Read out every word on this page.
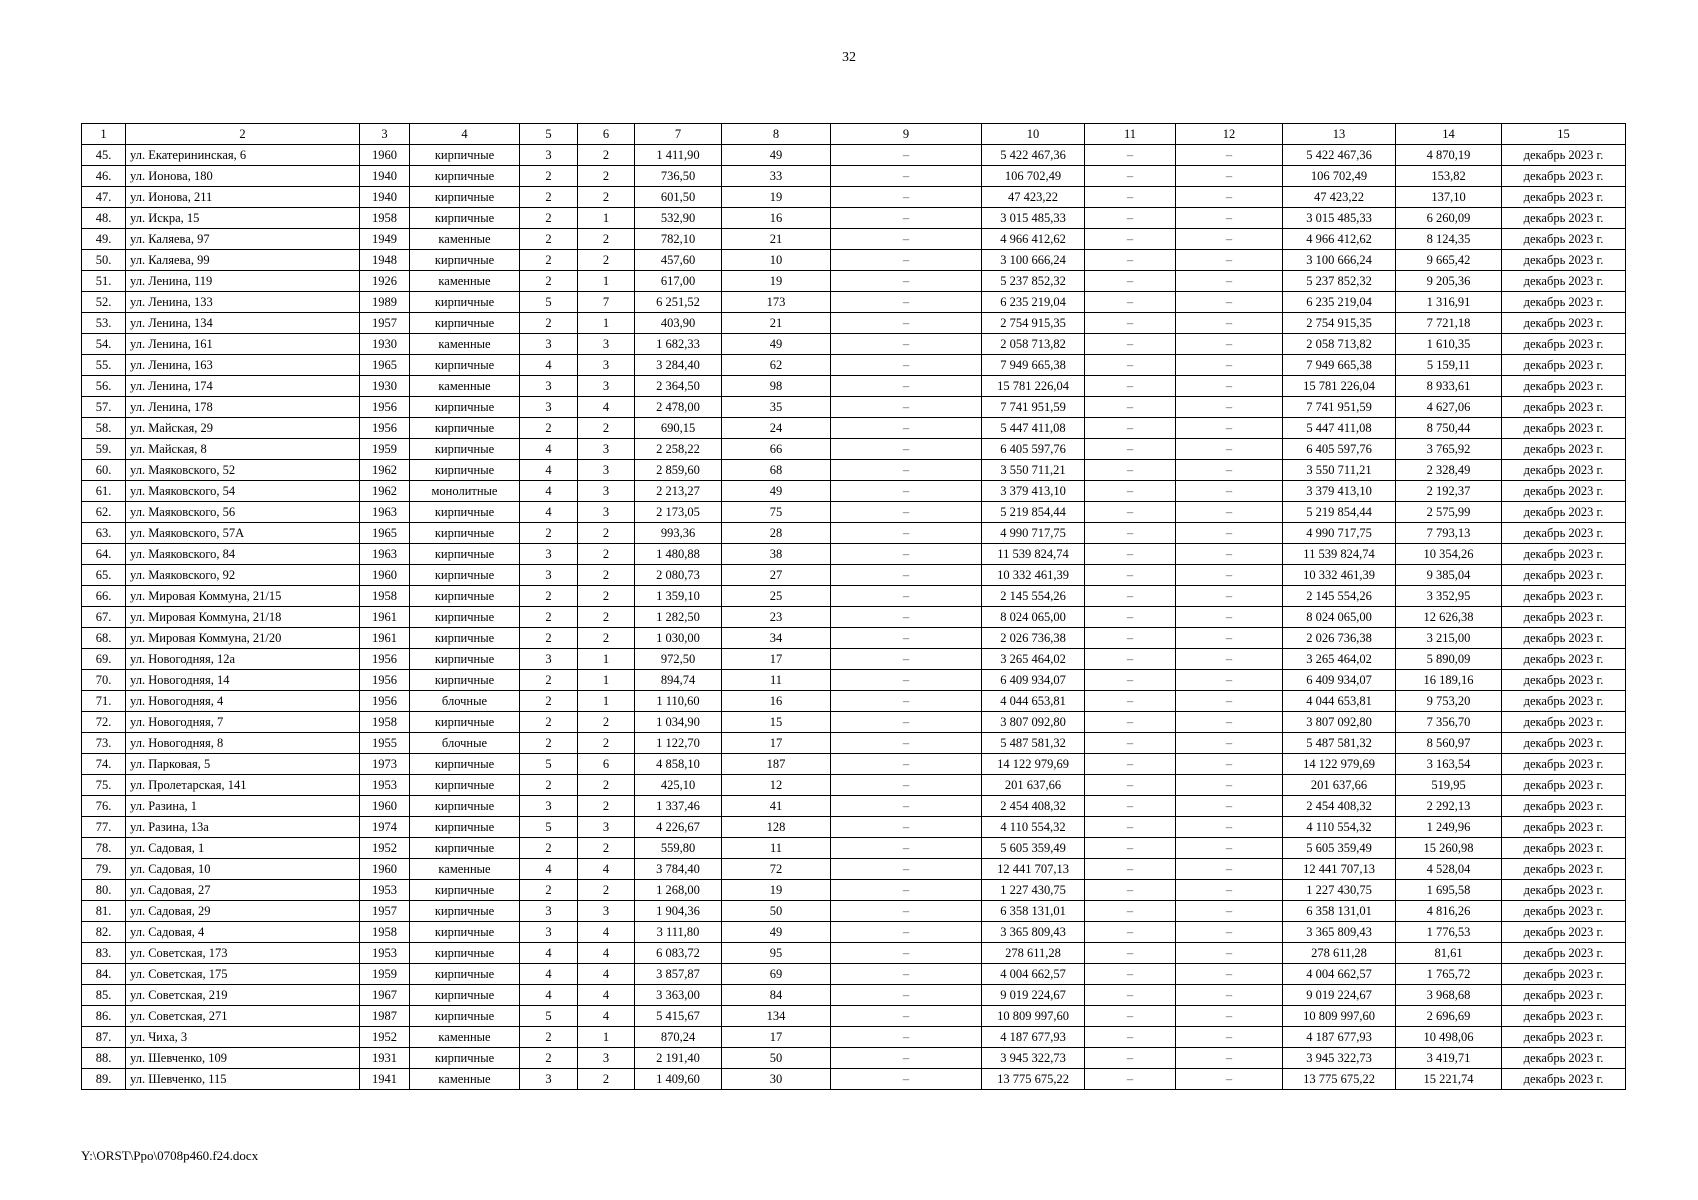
32
1	2	3	4	5	6	7	8	9	10	11	12	13	14	15
45.	ул. Екатерининская, 6	1960	кирпичные	3	2	1 411,90	49	–	5 422 467,36	–	–	5 422 467,36	4 870,19	декабрь 2023 г.
46.	ул. Ионова, 180	1940	кирпичные	2	2	736,50	33	–	106 702,49	–	–	106 702,49	153,82	декабрь 2023 г.
47.	ул. Ионова, 211	1940	кирпичные	2	2	601,50	19	–	47 423,22	–	–	47 423,22	137,10	декабрь 2023 г.
48.	ул. Искра, 15	1958	кирпичные	2	1	532,90	16	–	3 015 485,33	–	–	3 015 485,33	6 260,09	декабрь 2023 г.
49.	ул. Каляева, 97	1949	каменные	2	2	782,10	21	–	4 966 412,62	–	–	4 966 412,62	8 124,35	декабрь 2023 г.
50.	ул. Каляева, 99	1948	кирпичные	2	2	457,60	10	–	3 100 666,24	–	–	3 100 666,24	9 665,42	декабрь 2023 г.
51.	ул. Ленина, 119	1926	каменные	2	1	617,00	19	–	5 237 852,32	–	–	5 237 852,32	9 205,36	декабрь 2023 г.
52.	ул. Ленина, 133	1989	кирпичные	5	7	6 251,52	173	–	6 235 219,04	–	–	6 235 219,04	1 316,91	декабрь 2023 г.
53.	ул. Ленина, 134	1957	кирпичные	2	1	403,90	21	–	2 754 915,35	–	–	2 754 915,35	7 721,18	декабрь 2023 г.
54.	ул. Ленина, 161	1930	каменные	3	3	1 682,33	49	–	2 058 713,82	–	–	2 058 713,82	1 610,35	декабрь 2023 г.
55.	ул. Ленина, 163	1965	кирпичные	4	3	3 284,40	62	–	7 949 665,38	–	–	7 949 665,38	5 159,11	декабрь 2023 г.
56.	ул. Ленина, 174	1930	каменные	3	3	2 364,50	98	–	15 781 226,04	–	–	15 781 226,04	8 933,61	декабрь 2023 г.
57.	ул. Ленина, 178	1956	кирпичные	3	4	2 478,00	35	–	7 741 951,59	–	–	7 741 951,59	4 627,06	декабрь 2023 г.
58.	ул. Майская, 29	1956	кирпичные	2	2	690,15	24	–	5 447 411,08	–	–	5 447 411,08	8 750,44	декабрь 2023 г.
59.	ул. Майская, 8	1959	кирпичные	4	3	2 258,22	66	–	6 405 597,76	–	–	6 405 597,76	3 765,92	декабрь 2023 г.
60.	ул. Маяковского, 52	1962	кирпичные	4	3	2 859,60	68	–	3 550 711,21	–	–	3 550 711,21	2 328,49	декабрь 2023 г.
61.	ул. Маяковского, 54	1962	монолитные	4	3	2 213,27	49	–	3 379 413,10	–	–	3 379 413,10	2 192,37	декабрь 2023 г.
62.	ул. Маяковского, 56	1963	кирпичные	4	3	2 173,05	75	–	5 219 854,44	–	–	5 219 854,44	2 575,99	декабрь 2023 г.
63.	ул. Маяковского, 57А	1965	кирпичные	2	2	993,36	28	–	4 990 717,75	–	–	4 990 717,75	7 793,13	декабрь 2023 г.
64.	ул. Маяковского, 84	1963	кирпичные	3	2	1 480,88	38	–	11 539 824,74	–	–	11 539 824,74	10 354,26	декабрь 2023 г.
65.	ул. Маяковского, 92	1960	кирпичные	3	2	2 080,73	27	–	10 332 461,39	–	–	10 332 461,39	9 385,04	декабрь 2023 г.
66.	ул. Мировая Коммуна, 21/15	1958	кирпичные	2	2	1 359,10	25	–	2 145 554,26	–	–	2 145 554,26	3 352,95	декабрь 2023 г.
67.	ул. Мировая Коммуна, 21/18	1961	кирпичные	2	2	1 282,50	23	–	8 024 065,00	–	–	8 024 065,00	12 626,38	декабрь 2023 г.
68.	ул. Мировая Коммуна, 21/20	1961	кирпичные	2	2	1 030,00	34	–	2 026 736,38	–	–	2 026 736,38	3 215,00	декабрь 2023 г.
69.	ул. Новогодняя, 12а	1956	кирпичные	3	1	972,50	17	–	3 265 464,02	–	–	3 265 464,02	5 890,09	декабрь 2023 г.
70.	ул. Новогодняя, 14	1956	кирпичные	2	1	894,74	11	–	6 409 934,07	–	–	6 409 934,07	16 189,16	декабрь 2023 г.
71.	ул. Новогодняя, 4	1956	блочные	2	1	1 110,60	16	–	4 044 653,81	–	–	4 044 653,81	9 753,20	декабрь 2023 г.
72.	ул. Новогодняя, 7	1958	кирпичные	2	2	1 034,90	15	–	3 807 092,80	–	–	3 807 092,80	7 356,70	декабрь 2023 г.
73.	ул. Новогодняя, 8	1955	блочные	2	2	1 122,70	17	–	5 487 581,32	–	–	5 487 581,32	8 560,97	декабрь 2023 г.
74.	ул. Парковая, 5	1973	кирпичные	5	6	4 858,10	187	–	14 122 979,69	–	–	14 122 979,69	3 163,54	декабрь 2023 г.
75.	ул. Пролетарская, 141	1953	кирпичные	2	2	425,10	12	–	201 637,66	–	–	201 637,66	519,95	декабрь 2023 г.
76.	ул. Разина, 1	1960	кирпичные	3	2	1 337,46	41	–	2 454 408,32	–	–	2 454 408,32	2 292,13	декабрь 2023 г.
77.	ул. Разина, 13а	1974	кирпичные	5	3	4 226,67	128	–	4 110 554,32	–	–	4 110 554,32	1 249,96	декабрь 2023 г.
78.	ул. Садовая, 1	1952	кирпичные	2	2	559,80	11	–	5 605 359,49	–	–	5 605 359,49	15 260,98	декабрь 2023 г.
79.	ул. Садовая, 10	1960	каменные	4	4	3 784,40	72	–	12 441 707,13	–	–	12 441 707,13	4 528,04	декабрь 2023 г.
80.	ул. Садовая, 27	1953	кирпичные	2	2	1 268,00	19	–	1 227 430,75	–	–	1 227 430,75	1 695,58	декабрь 2023 г.
81.	ул. Садовая, 29	1957	кирпичные	3	3	1 904,36	50	–	6 358 131,01	–	–	6 358 131,01	4 816,26	декабрь 2023 г.
82.	ул. Садовая, 4	1958	кирпичные	3	4	3 111,80	49	–	3 365 809,43	–	–	3 365 809,43	1 776,53	декабрь 2023 г.
83.	ул. Советская, 173	1953	кирпичные	4	4	6 083,72	95	–	278 611,28	–	–	278 611,28	81,61	декабрь 2023 г.
84.	ул. Советская, 175	1959	кирпичные	4	4	3 857,87	69	–	4 004 662,57	–	–	4 004 662,57	1 765,72	декабрь 2023 г.
85.	ул. Советская, 219	1967	кирпичные	4	4	3 363,00	84	–	9 019 224,67	–	–	9 019 224,67	3 968,68	декабрь 2023 г.
86.	ул. Советская, 271	1987	кирпичные	5	4	5 415,67	134	–	10 809 997,60	–	–	10 809 997,60	2 696,69	декабрь 2023 г.
87.	ул. Чиха, 3	1952	каменные	2	1	870,24	17	–	4 187 677,93	–	–	4 187 677,93	10 498,06	декабрь 2023 г.
88.	ул. Шевченко, 109	1931	кирпичные	2	3	2 191,40	50	–	3 945 322,73	–	–	3 945 322,73	3 419,71	декабрь 2023 г.
89.	ул. Шевченко, 115	1941	каменные	3	2	1 409,60	30	–	13 775 675,22	–	–	13 775 675,22	15 221,74	декабрь 2023 г.
Y:\ORST\Ppo\0708p460.f24.docx
